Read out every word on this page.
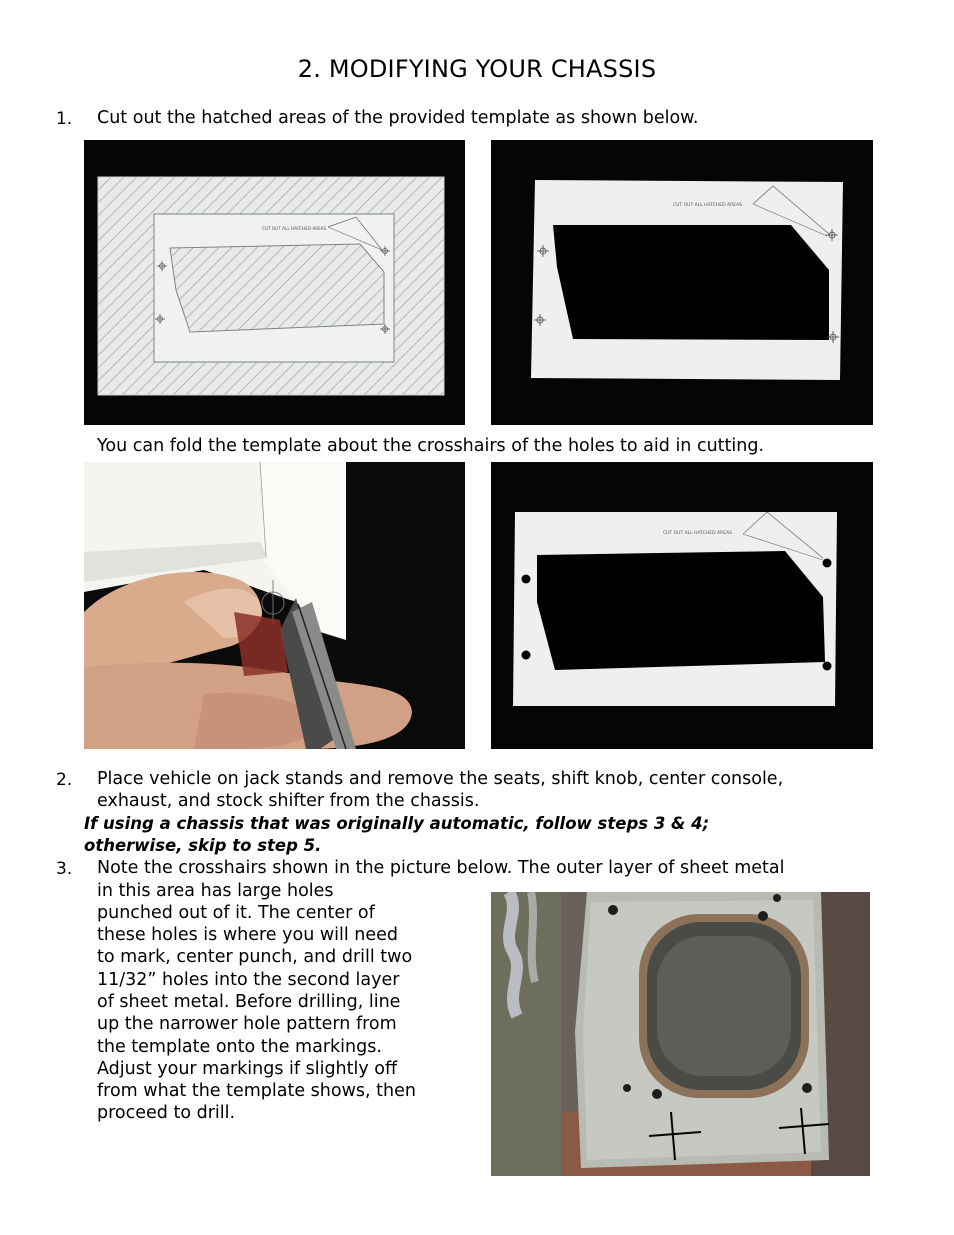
2. MODIFYING YOUR CHASSIS
1. Cut out the hatched areas of the provided template as shown below.
CUT OUT ALL HATCHED AREAS
CUT OUT ALL HATCHED AREAS
You can fold the template about the crosshairs of the holes to aid in cutting.
CUT OUT ALL HATCHED AREAS
2. Place vehicle on jack stands and remove the seats, shift knob, center console,
exhaust, and stock shifter from the chassis.
If using a chassis that was originally automatic, follow steps 3 & 4;
otherwise, skip to step 5.
3. Note the crosshairs shown in the picture below. The outer layer of sheet metal
in this area has large holes
punched out of it. The center of
these holes is where you will need
to mark, center punch, and drill two
11/32” holes into the second layer
of sheet metal. Before drilling, line
up the narrower hole pattern from
the template onto the markings.
Adjust your markings if slightly off
from what the template shows, then
proceed to drill.
